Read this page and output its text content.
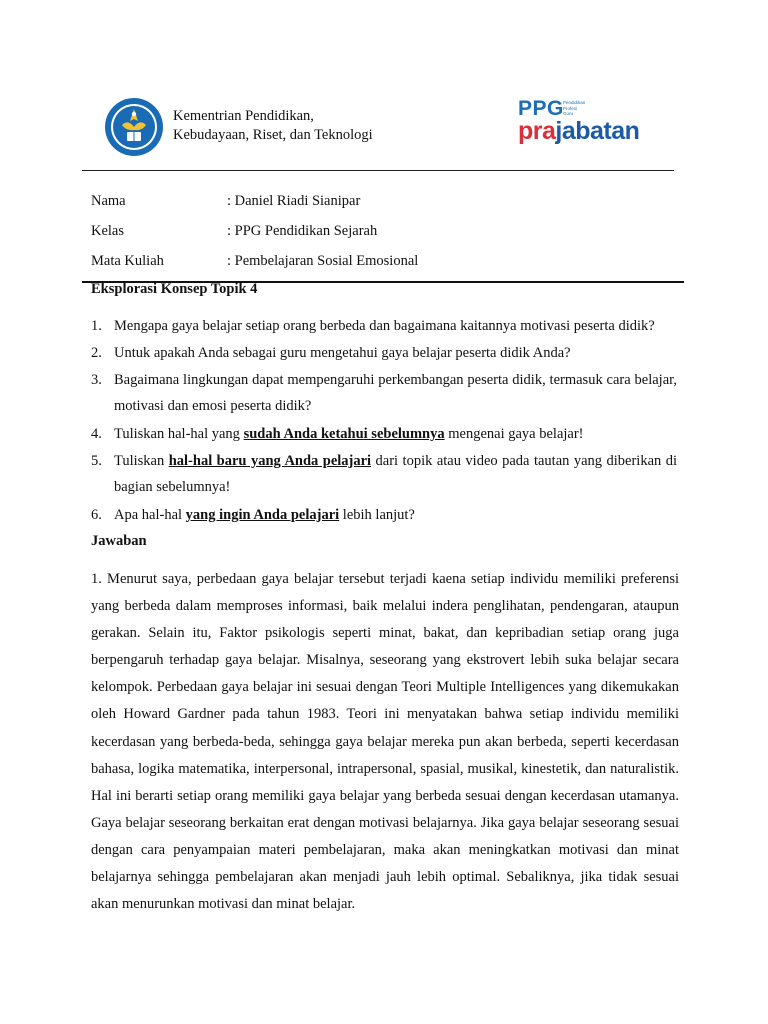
Kementrian Pendidikan,
Kebudayaan, Riset, dan Teknologi
PPG Pendidikan Profesi Guru
prajabatan
Nama	: Daniel Riadi Sianipar
Kelas	: PPG Pendidikan Sejarah
Mata Kuliah	: Pembelajaran Sosial Emosional
Eksplorasi Konsep Topik 4
1. Mengapa gaya belajar setiap orang berbeda dan bagaimana kaitannya motivasi peserta didik?
2. Untuk apakah Anda sebagai guru mengetahui gaya belajar peserta didik Anda?
3. Bagaimana lingkungan dapat mempengaruhi perkembangan peserta didik, termasuk cara belajar, motivasi dan emosi peserta didik?
4. Tuliskan hal-hal yang sudah Anda ketahui sebelumnya mengenai gaya belajar!
5. Tuliskan hal-hal baru yang Anda pelajari dari topik atau video pada tautan yang diberikan di bagian sebelumnya!
6. Apa hal-hal yang ingin Anda pelajari lebih lanjut?
Jawaban
1. Menurut saya, perbedaan gaya belajar tersebut terjadi kaena setiap individu memiliki preferensi yang berbeda dalam memproses informasi, baik melalui indera penglihatan, pendengaran, ataupun gerakan. Selain itu, Faktor psikologis seperti minat, bakat, dan kepribadian setiap orang juga berpengaruh terhadap gaya belajar. Misalnya, seseorang yang ekstrovert lebih suka belajar secara kelompok. Perbedaan gaya belajar ini sesuai dengan Teori Multiple Intelligences yang dikemukakan oleh Howard Gardner pada tahun 1983. Teori ini menyatakan bahwa setiap individu memiliki kecerdasan yang berbeda-beda, sehingga gaya belajar mereka pun akan berbeda, seperti kecerdasan bahasa, logika matematika, interpersonal, intrapersonal, spasial, musikal, kinestetik, dan naturalistik. Hal ini berarti setiap orang memiliki gaya belajar yang berbeda sesuai dengan kecerdasan utamanya. Gaya belajar seseorang berkaitan erat dengan motivasi belajarnya. Jika gaya belajar seseorang sesuai dengan cara penyampaian materi pembelajaran, maka akan meningkatkan motivasi dan minat belajarnya sehingga pembelajaran akan menjadi jauh lebih optimal. Sebaliknya, jika tidak sesuai akan menurunkan motivasi dan minat belajar.
